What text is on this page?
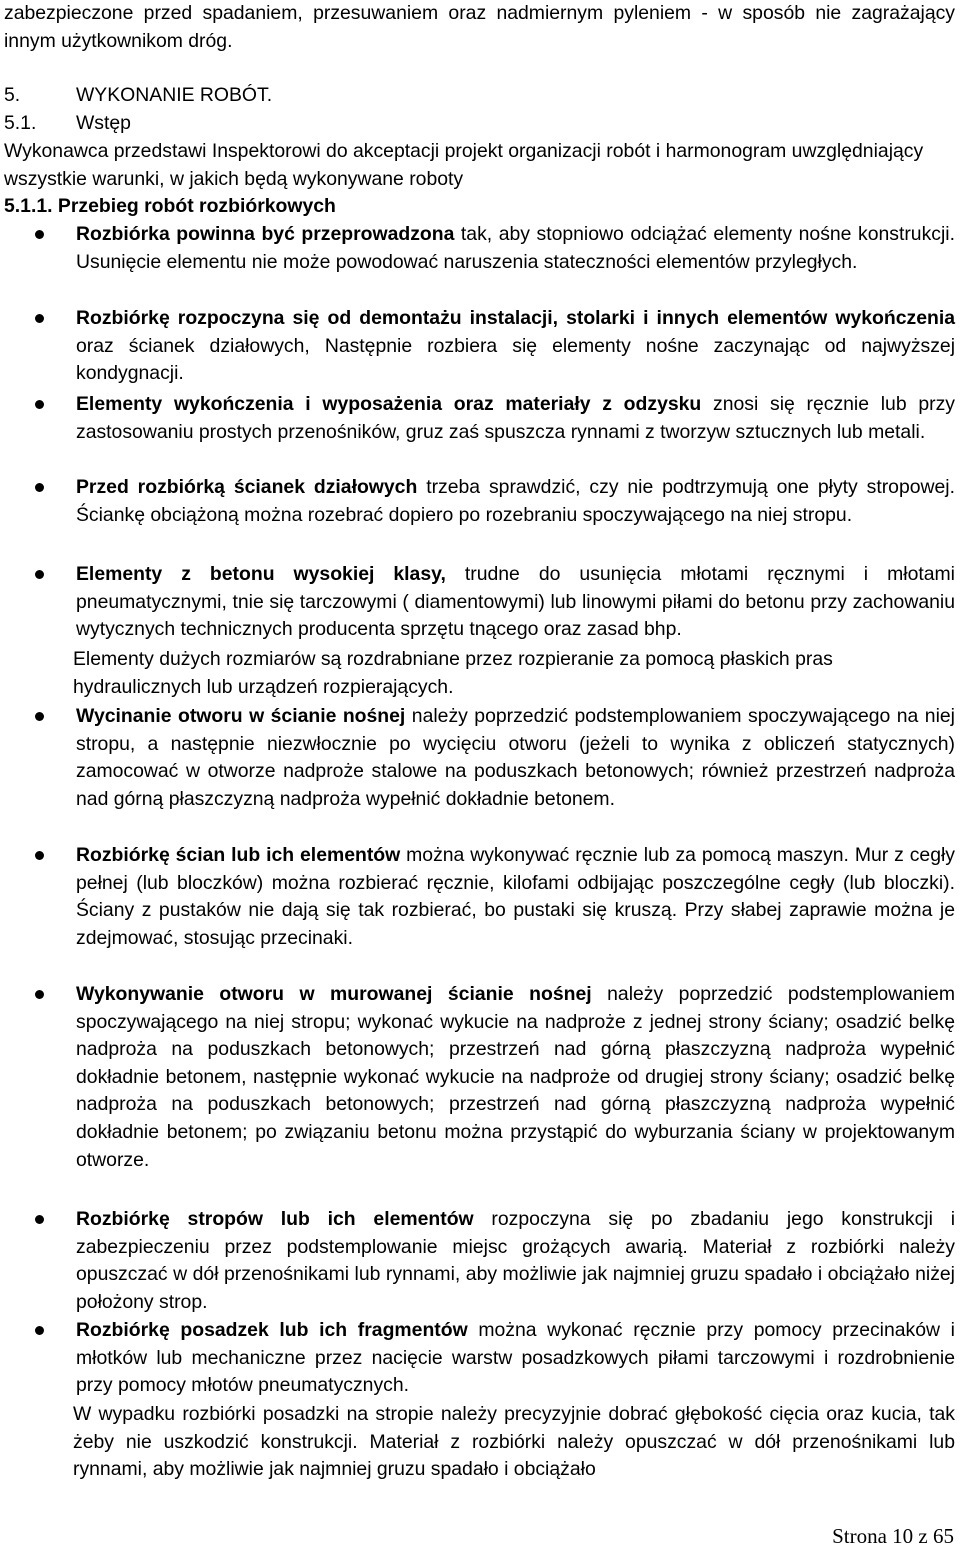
zabezpieczone przed spadaniem, przesuwaniem oraz nadmiernym pyleniem - w sposób nie zagrażający innym użytkownikom dróg.
5.	WYKONANIE ROBÓT.
5.1. Wstęp
Wykonawca przedstawi Inspektorowi do akceptacji projekt organizacji robót i harmonogram uwzględniający wszystkie warunki, w jakich będą wykonywane roboty
5.1.1. Przebieg robót rozbiórkowych
Rozbiórka powinna być przeprowadzona tak, aby stopniowo odciążać elementy nośne konstrukcji. Usunięcie elementu nie może powodować naruszenia stateczności elementów przyległych.
Rozbiórkę rozpoczyna się od demontażu instalacji, stolarki i innych elementów wykończenia oraz ścianek działowych, Następnie rozbiera się elementy nośne zaczynając od najwyższej kondygnacji.
Elementy wykończenia i wyposażenia oraz materiały z odzysku znosi się ręcznie lub przy zastosowaniu prostych przenośników, gruz zaś spuszcza rynnami z tworzyw sztucznych lub metali.
Przed rozbiórką ścianek działowych trzeba sprawdzić, czy nie podtrzymują one płyty stropowej. Ściankę obciążoną można rozebrać dopiero po rozebraniu spoczywającego na niej stropu.
Elementy z betonu wysokiej klasy, trudne do usunięcia młotami ręcznymi i młotami pneumatycznymi, tnie się tarczowymi ( diamentowymi) lub linowymi piłami do betonu przy zachowaniu wytycznych technicznych producenta sprzętu tnącego oraz zasad bhp.
Elementy dużych rozmiarów są rozdrabniane przez rozpieranie za pomocą płaskich pras hydraulicznych lub urządzeń rozpierających.
Wycinanie otworu w ścianie nośnej należy poprzedzić podstemplowaniem spoczywającego na niej stropu, a następnie niezwłocznie po wycięciu otworu (jeżeli to wynika z obliczeń statycznych) zamocować w otworze nadproże stalowe na poduszkach betonowych; również przestrzeń nadproża nad górną płaszczyzną nadproża wypełnić dokładnie betonem.
Rozbiórkę ścian lub ich elementów można wykonywać ręcznie lub za pomocą maszyn. Mur z cegły pełnej (lub bloczków) można rozbierać ręcznie, kilofami odbijając poszczególne cegły (lub bloczki). Ściany z pustaków nie dają się tak rozbierać, bo pustaki się kruszą. Przy słabej zaprawie można je zdejmować, stosując przecinaki.
Wykonywanie otworu w murowanej ścianie nośnej należy poprzedzić podstemplowaniem spoczywającego na niej stropu; wykonać wykucie na nadproże z jednej strony ściany; osadzić belkę nadproża na poduszkach betonowych; przestrzeń nad górną płaszczyzną nadproża wypełnić dokładnie betonem, następnie wykonać wykucie na nadproże od drugiej strony ściany; osadzić belkę nadproża na poduszkach betonowych; przestrzeń nad górną płaszczyzną nadproża wypełnić dokładnie betonem; po związaniu betonu można przystąpić do wyburzania ściany w projektowanym otworze.
Rozbiórkę stropów lub ich elementów rozpoczyna się po zbadaniu jego konstrukcji i zabezpieczeniu przez podstemplowanie miejsc grożących awarią. Materiał z rozbiórki należy opuszczać w dół przenośnikami lub rynnami, aby możliwie jak najmniej gruzu spadało i obciążało niżej położony strop.
Rozbiórkę posadzek lub ich fragmentów można wykonać ręcznie przy pomocy przecinaków i młotków lub mechaniczne przez nacięcie warstw posadzkowych piłami tarczowymi i rozdrobnienie przy pomocy młotów pneumatycznych.
W wypadku rozbiórki posadzki na stropie należy precyzyjnie dobrać głębokość cięcia oraz kucia, tak żeby nie uszkodzić konstrukcji. Materiał z rozbiórki należy opuszczać w dół przenośnikami lub rynnami, aby możliwie jak najmniej gruzu spadało i obciążało
Strona 10 z 65
